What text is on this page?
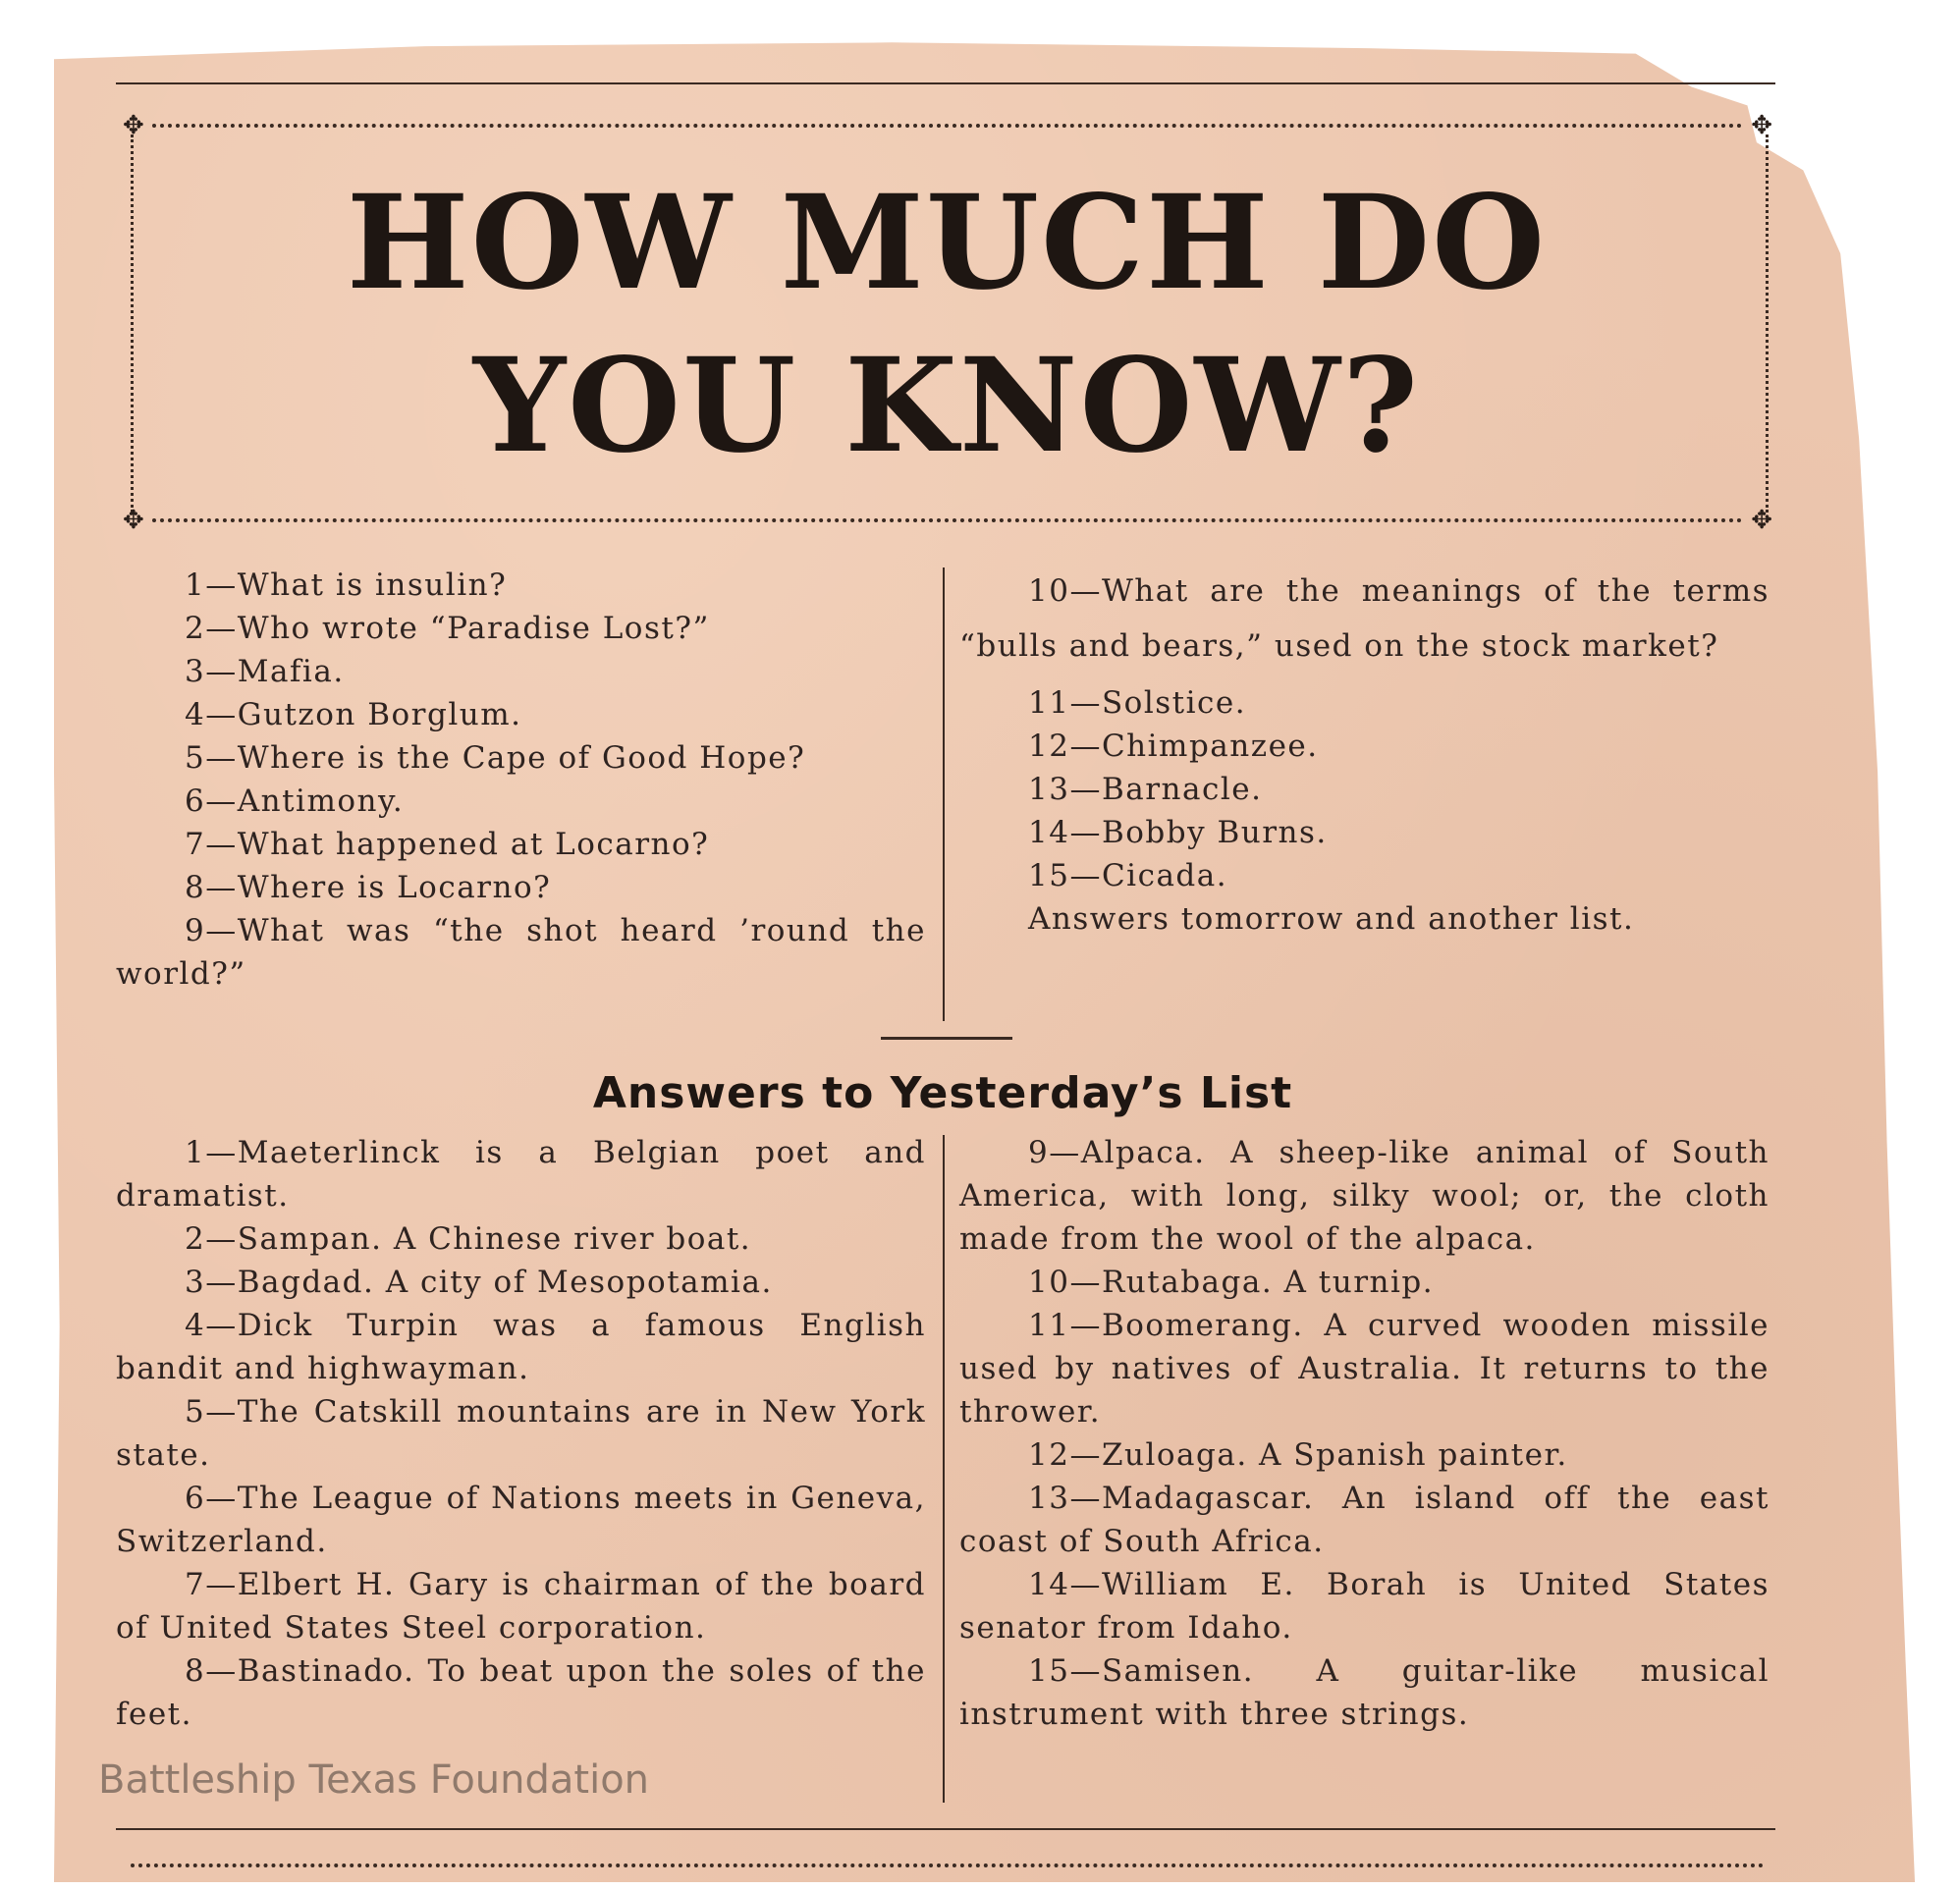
✥	✥
HOW MUCH DO
YOU KNOW?
✥	✥

1—What is insulin?

2—Who wrote “Paradise Lost?”

3—Mafia.

4—Gutzon Borglum.

5—Where is the Cape of Good Hope?

6—Antimony.

7—What happened at Locarno?

8—Where is Locarno?

9—What was “the shot heard ’round the world?”

10—What are the meanings of the terms “bulls and bears,” used on the stock market?

11—Solstice.

12—Chimpanzee.

13—Barnacle.

14—Bobby Burns.

15—Cicada.

Answers tomorrow and another list.

Answers to Yesterday’s List

1—Maeterlinck is a Belgian poet and dramatist.

2—Sampan. A Chinese river boat.

3—Bagdad. A city of Mesopotamia.

4—Dick Turpin was a famous English bandit and highwayman.

5—The Catskill mountains are in New York state.

6—The League of Nations meets in Geneva, Switzerland.

7—Elbert H. Gary is chairman of the board of United States Steel corporation.

8—Bastinado. To beat upon the soles of the feet.

9—Alpaca. A sheep-like animal of South America, with long, silky wool; or, the cloth made from the wool of the alpaca.

10—Rutabaga. A turnip.

11—Boomerang. A curved wooden missile used by natives of Australia. It returns to the thrower.

12—Zuloaga. A Spanish painter.

13—Madagascar. An island off the east coast of South Africa.

14—William E. Borah is United States senator from Idaho.

15—Samisen. A guitar-like musical instrument with three strings.

Battleship Texas Foundation
